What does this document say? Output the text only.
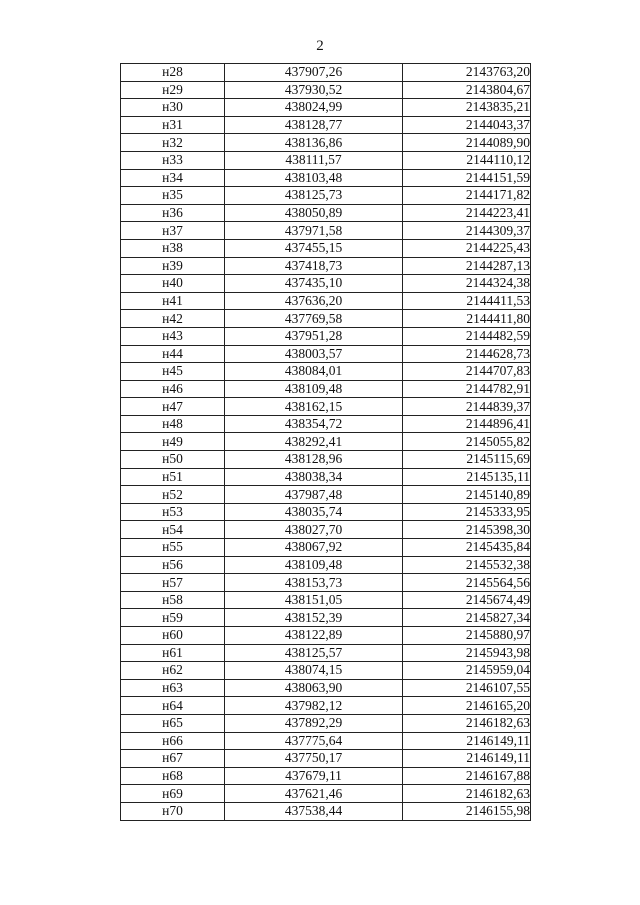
2
н28	437907,26	2143763,20
н29	437930,52	2143804,67
н30	438024,99	2143835,21
н31	438128,77	2144043,37
н32	438136,86	2144089,90
н33	438111,57	2144110,12
н34	438103,48	2144151,59
н35	438125,73	2144171,82
н36	438050,89	2144223,41
н37	437971,58	2144309,37
н38	437455,15	2144225,43
н39	437418,73	2144287,13
н40	437435,10	2144324,38
н41	437636,20	2144411,53
н42	437769,58	2144411,80
н43	437951,28	2144482,59
н44	438003,57	2144628,73
н45	438084,01	2144707,83
н46	438109,48	2144782,91
н47	438162,15	2144839,37
н48	438354,72	2144896,41
н49	438292,41	2145055,82
н50	438128,96	2145115,69
н51	438038,34	2145135,11
н52	437987,48	2145140,89
н53	438035,74	2145333,95
н54	438027,70	2145398,30
н55	438067,92	2145435,84
н56	438109,48	2145532,38
н57	438153,73	2145564,56
н58	438151,05	2145674,49
н59	438152,39	2145827,34
н60	438122,89	2145880,97
н61	438125,57	2145943,98
н62	438074,15	2145959,04
н63	438063,90	2146107,55
н64	437982,12	2146165,20
н65	437892,29	2146182,63
н66	437775,64	2146149,11
н67	437750,17	2146149,11
н68	437679,11	2146167,88
н69	437621,46	2146182,63
н70	437538,44	2146155,98
